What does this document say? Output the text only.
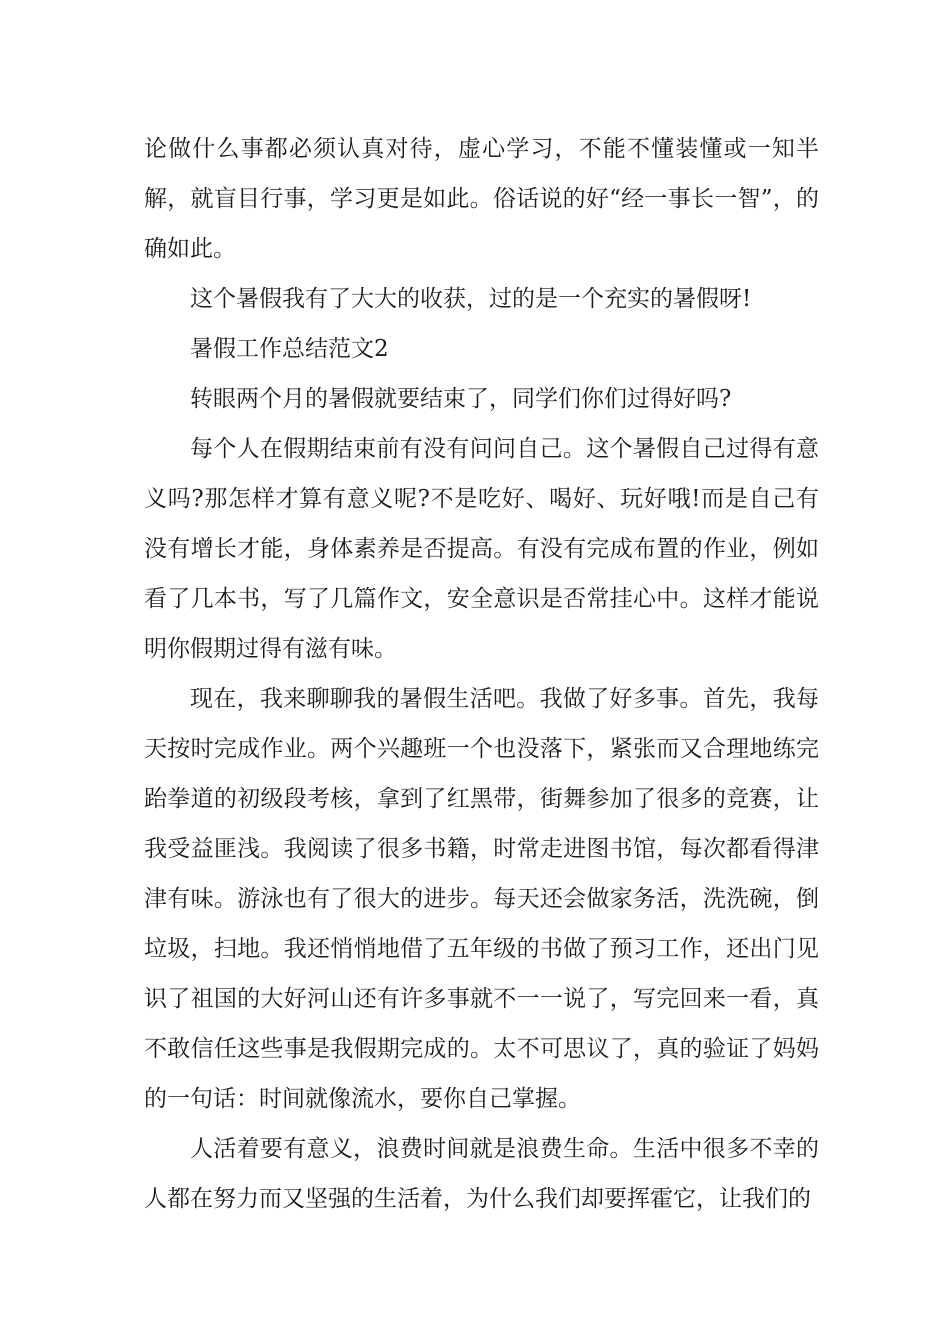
论做什么事都必须认真对待，虚心学习，不能不懂装懂或一知半解，就盲目行事，学习更是如此。俗话说的好“经一事长一智”，的确如此。

这个暑假我有了大大的收获，过的是一个充实的暑假呀!

暑假工作总结范文2

转眼两个月的暑假就要结束了，同学们你们过得好吗?

每个人在假期结束前有没有问问自己。这个暑假自己过得有意义吗?那怎样才算有意义呢?不是吃好、喝好、玩好哦!而是自己有没有增长才能，身体素养是否提高。有没有完成布置的作业，例如看了几本书，写了几篇作文，安全意识是否常挂心中。这样才能说明你假期过得有滋有味。

现在，我来聊聊我的暑假生活吧。我做了好多事。首先，我每天按时完成作业。两个兴趣班一个也没落下，紧张而又合理地练完跆拳道的初级段考核，拿到了红黑带，街舞参加了很多的竞赛，让我受益匪浅。我阅读了很多书籍，时常走进图书馆，每次都看得津津有味。游泳也有了很大的进步。每天还会做家务活，洗洗碗，倒垃圾，扫地。我还悄悄地借了五年级的书做了预习工作，还出门见识了祖国的大好河山还有许多事就不一一说了，写完回来一看，真不敢信任这些事是我假期完成的。太不可思议了，真的验证了妈妈的一句话：时间就像流水，要你自己掌握。

人活着要有意义，浪费时间就是浪费生命。生活中很多不幸的人都在努力而又坚强的生活着，为什么我们却要挥霍它，让我们的
